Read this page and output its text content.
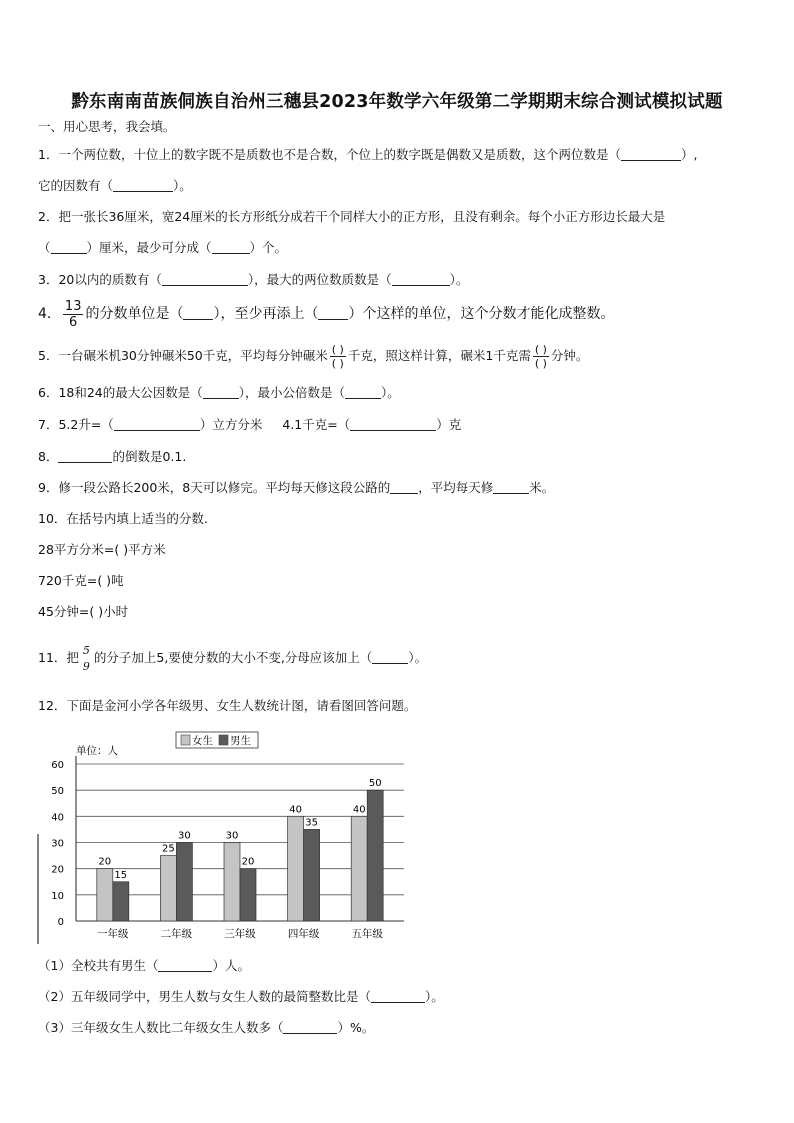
黔东南南苗族侗族自治州三穗县2023年数学六年级第二学期期末综合测试模拟试题
一、用心思考，我会填。
1．一个两位数，十位上的数字既不是质数也不是合数，个位上的数字既是偶数又是质数，这个两位数是（	）,
它的因数有（	）。
2．把一张长36厘米，宽24厘米的长方形纸分成若干个同样大小的正方形，且没有剩余。每个小正方形边长最大是
（	）厘米，最少可分成（	）个。
3．20以内的质数有（	），最大的两位数质数是（	）。
4． $\frac{13}{6}$ 的分数单位是（ ），至少再添上（ ）个这样的单位，这个分数才能化成整数。
5．一台碾米机30分钟碾米50千克，平均每分钟碾米 $\frac{( )}{( )}$ 千克，照这样计算，碾米1千克需 $\frac{( )}{( )}$ 分钟。
6．18和24的最大公因数是（	），最小公倍数是（	）。
7．5.2升=（	）立方分米 4.1千克=（	）克
8．	的倒数是0.1.
9．修一段公路长200米，8天可以修完。平均每天修这段公路的 ，平均每天修	米。
10．在括号内填上适当的分数.
28平方分米=( )平方米
720千克=( )吨
45分钟=( )小时
11．把 5
9
的分子加上5,要使分数的大小不变,分母应该加上（	）。
12．下面是金河小学各年级男、女生人数统计图，请看图回答问题。
0
10
20
30
40
50
60
20
15
一年级
25
30
二年级
30
20
三年级
40
35
四年级
40
50
五年级
女生 男生
单位：人
（1）全校共有男生（	）人。
（2）五年级同学中，男生人数与女生人数的最简整数比是（	）。
（3）三年级女生人数比二年级女生人数多（	）%。
